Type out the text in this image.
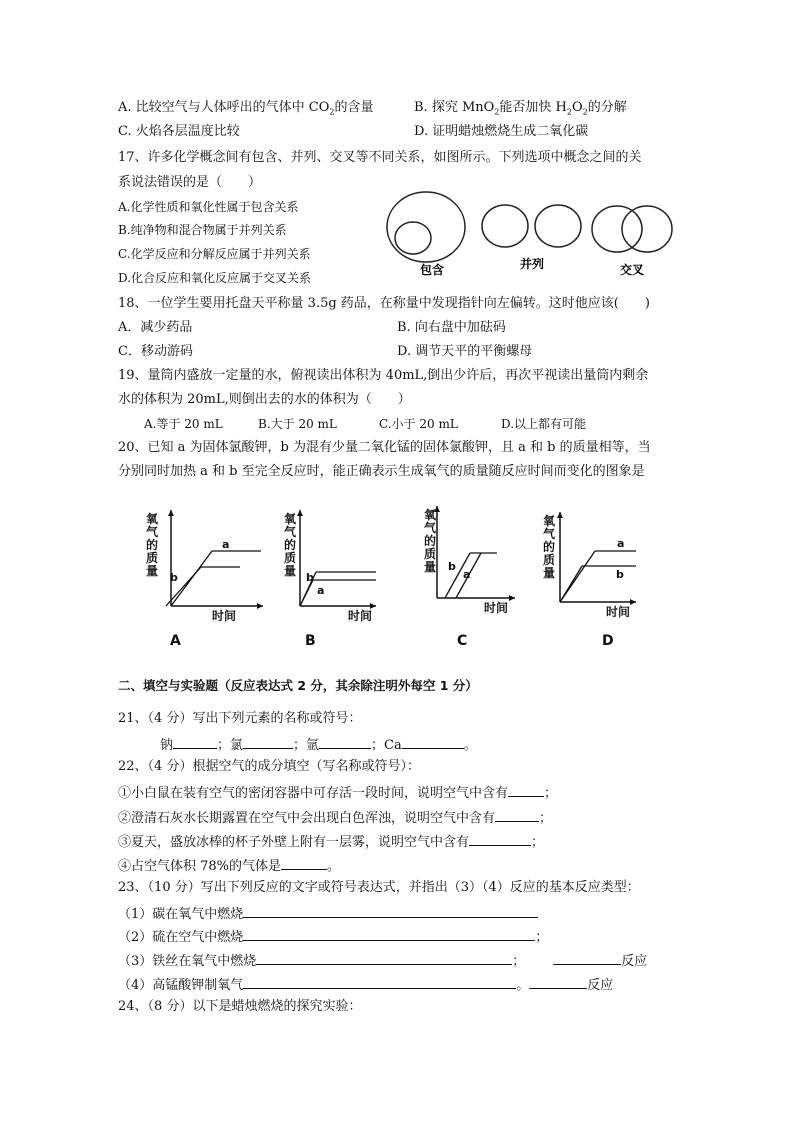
A. 比较空气与人体呼出的气体中 $CO_2$的含量	B. 探究 MnO$_2$能否加快 $H_2O_2$的分解
C. 火焰各层温度比较	D. 证明蜡烛燃烧生成二氧化碳
17、许多化学概念间有包含、并列、交叉等不同关系，如图所示。下列选项中概念之间的关
系说法错误的是（　　）
A.化学性质和氧化性属于包含关系
B.纯净物和混合物属于并列关系
C.化学反应和分解反应属于并列关系
D.化合反应和氧化反应属于交叉关系
包含	并列	交叉
18、一位学生要用托盘天平称量 3.5g 药品，在称量中发现指针向左偏转。这时他应该(　　)
A．减少药品	B. 向右盘中加砝码
C．移动游码	D. 调节天平的平衡螺母
19、量筒内盛放一定量的水，俯视读出体积为 40mL,倒出少许后，再次平视读出量筒内剩余
水的体积为 20mL,则倒出去的水的体积为（　　）
A.等于 20 mL	B.大于 20 mL	C.小于 20 mL	D.以上都有可能
20、已知 a 为固体氯酸钾，b 为混有少量二氧化锰的固体氯酸钾，且 a 和 b 的质量相等，当
分别同时加热 a 和 b 至完全反应时，能正确表示生成氧气的质量随反应时间而变化的图象是
氧
气
的
质
量
时间
a
b
A
氧
气
的
质
量
时间
a
b
B
氧
气
的
质
量
时间
a
b
C
氧
气
的
质
量
时间
a
b
D
二、填空与实验题（反应表达式 2 分，其余除注明外每空 1 分）
21、（4 分）写出下列元素的名称或符号：
钠	；氯	；氩	；Ca	。
22、（4 分）根据空气的成分填空（写名称或符号）：
①小白鼠在装有空气的密闭容器中可存活一段时间，说明空气中含有	；
②澄清石灰水长期露置在空气中会出现白色浑浊，说明空气中含有	；
③夏天，盛放冰棒的杯子外壁上附有一层雾，说明空气中含有	；
④占空气体积 78%的气体是	。
23、（10 分）写出下列反应的文字或符号表达式，并指出（3）（4）反应的基本反应类型：
（1）碳在氧气中燃烧
（2）硫在空气中燃烧	；
（3）铁丝在氧气中燃烧	；	反应
（4）高锰酸钾制氧气	。	反应
24、（8 分）以下是蜡烛燃烧的探究实验：
